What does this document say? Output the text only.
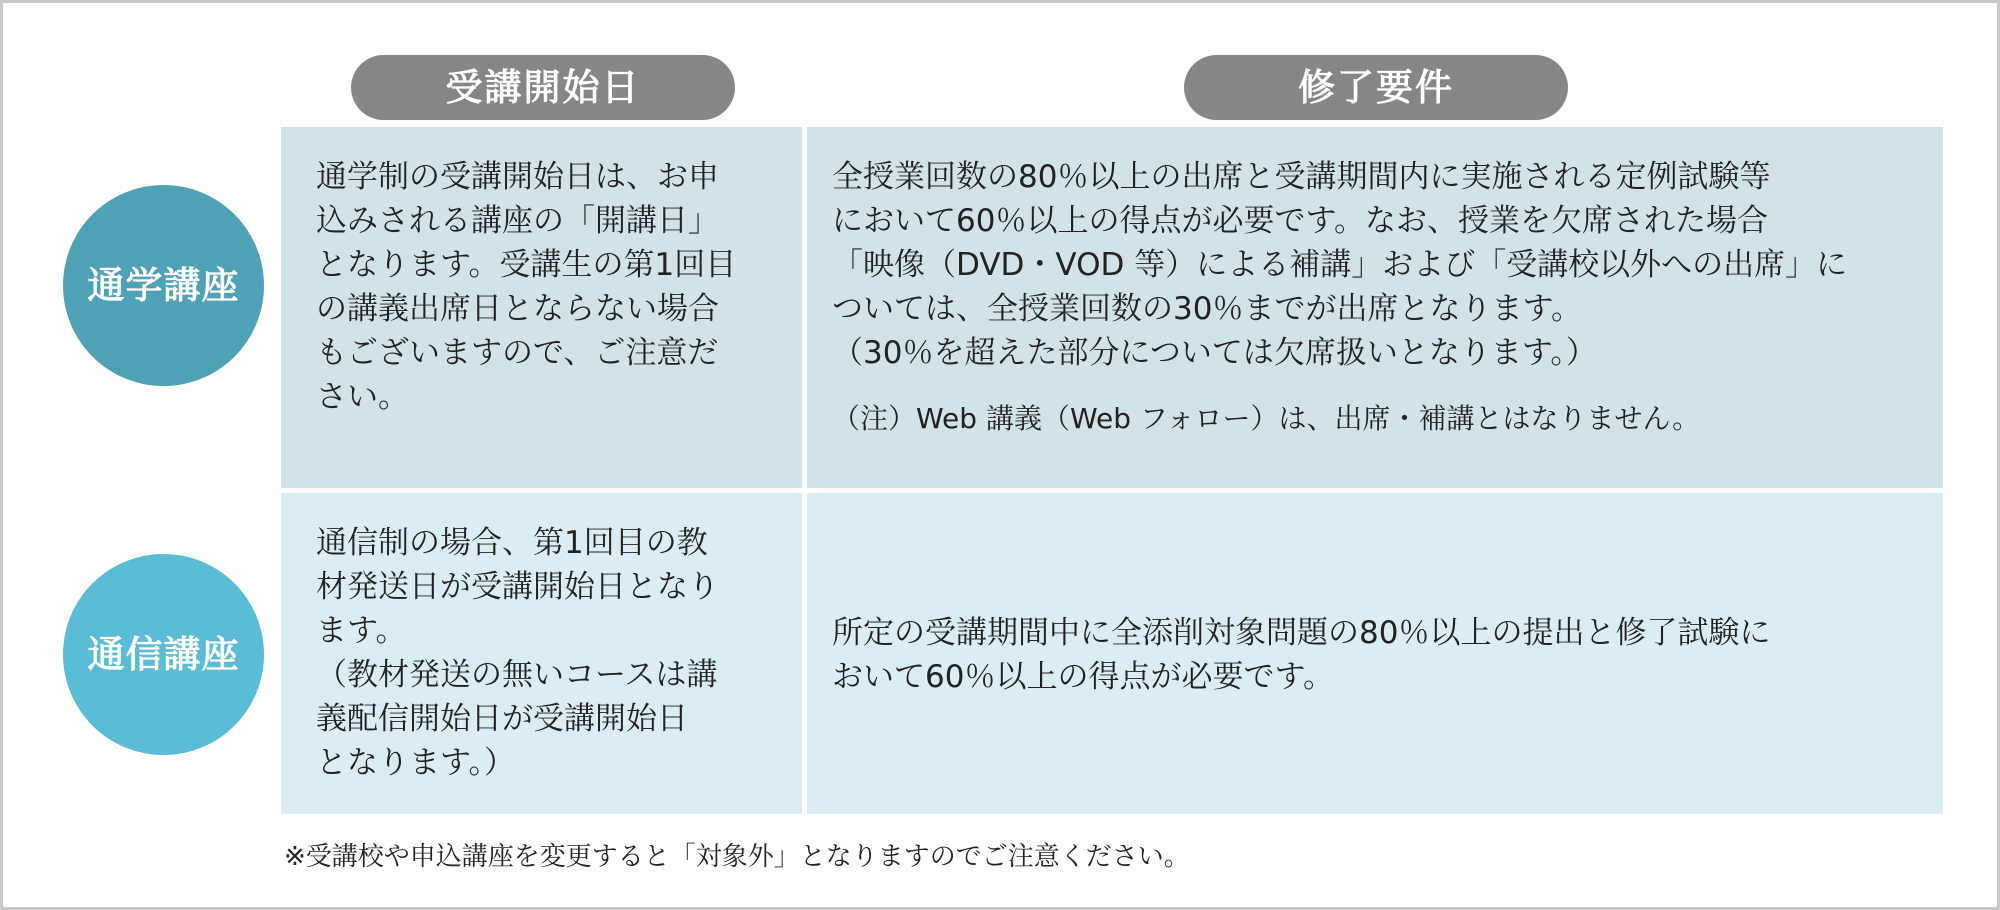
受講開始日	修了要件
通学講座
通信講座

通学制の受講開始日は、お申
込みされる講座の「開講日」
となります。受講生の第1回目
の講義出席日とならない場合
もございますので、ご注意だ
さい。

全授業回数の80％以上の出席と受講期間内に実施される定例試験等
において60％以上の得点が必要です。なお、授業を欠席された場合
「映像（DVD・VOD 等）による補講」および「受講校以外への出席」に
ついては、全授業回数の30％までが出席となります。
（30％を超えた部分については欠席扱いとなります。）

（注）Web 講義（Web フォロー）は、出席・補講とはなりません。

通信制の場合、第1回目の教
材発送日が受講開始日となり
ます。
（教材発送の無いコースは講
義配信開始日が受講開始日
となります。）

所定の受講期間中に全添削対象問題の80％以上の提出と修了試験に
おいて60％以上の得点が必要です。

※受講校や申込講座を変更すると「対象外」となりますのでご注意ください。
